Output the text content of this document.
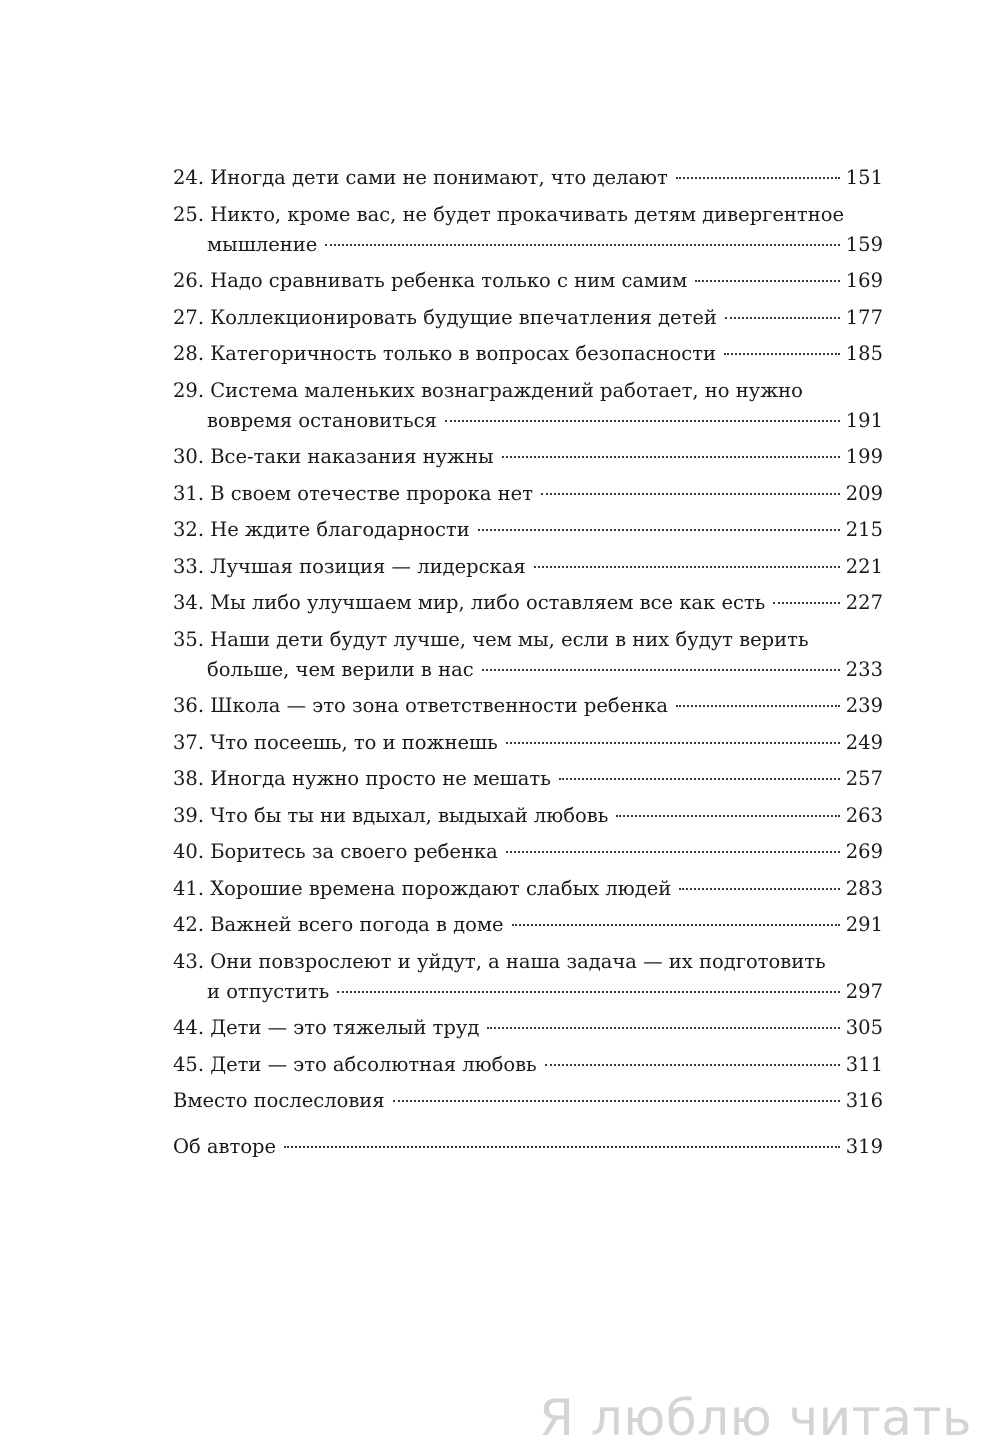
24. Иногда дети сами не понимают, что делают	151
25. Никто, кроме вас, не будет прокачивать детям дивергентное
мышление	159
26. Надо сравнивать ребенка только с ним самим	169
27. Коллекционировать будущие впечатления детей	177
28. Категоричность только в вопросах безопасности	185
29. Система маленьких вознаграждений работает, но нужно
вовремя остановиться	191
30. Все-таки наказания нужны	199
31. В своем отечестве пророка нет	209
32. Не ждите благодарности	215
33. Лучшая позиция — лидерская	221
34. Мы либо улучшаем мир, либо оставляем все как есть	227
35. Наши дети будут лучше, чем мы, если в них будут верить
больше, чем верили в нас	233
36. Школа — это зона ответственности ребенка	239
37. Что посеешь, то и пожнешь	249
38. Иногда нужно просто не мешать	257
39. Что бы ты ни вдыхал, выдыхай любовь	263
40. Боритесь за своего ребенка	269
41. Хорошие времена порождают слабых людей	283
42. Важней всего погода в доме	291
43. Они повзрослеют и уйдут, а наша задача — их подготовить
и отпустить	297
44. Дети — это тяжелый труд	305
45. Дети — это абсолютная любовь	311
Вместо послесловия	316
Об авторе	319
Я люблю читать
